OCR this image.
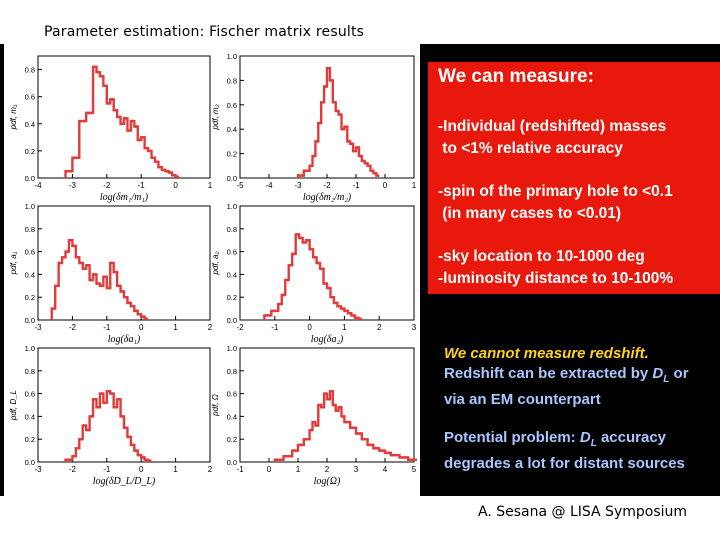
Parameter estimation: Fischer matrix results
-4	-3	-2	-1	0	1
0.0
0.2
0.4
0.6
0.8
pdf, m₁
log(δm₁/m₁)
-5	-4	-3	-2	-1	0	1
0.0
0.2
0.4
0.6
0.8
1.0
pdf, m₂
log(δm₂/m₂)
-3	-2	-1	0	1	2
0.0
0.2
0.4
0.6
0.8
1.0
pdf, a₁
log(δa₁)
-2	-1	0	1	2	3
0.0
0.2
0.4
0.6
0.8
1.0
pdf, a₂
log(δa₂)
-3	-2	-1	0	1	2
0.0
0.2
0.4
0.6
0.8
1.0
pdf, D_L
log(δD_L/D_L)
-1	0	1	2	3	4	5
0.0
0.2
0.4
0.6
0.8
1.0
pdf, Ω
log(Ω)
We can measure:
-Individual (redshifted) masses
to <1% relative accuracy
-spin of the primary hole to <0.1
(in many cases to <0.01)
-sky location to 10-1000 deg
-luminosity distance to 10-100%
We cannot measure redshift.
Redshift can be extracted by $D_L$ or
via an EM counterpart
Potential problem: $D_L$ accuracy
degrades a lot for distant sources
A. Sesana @ LISA Symposium
